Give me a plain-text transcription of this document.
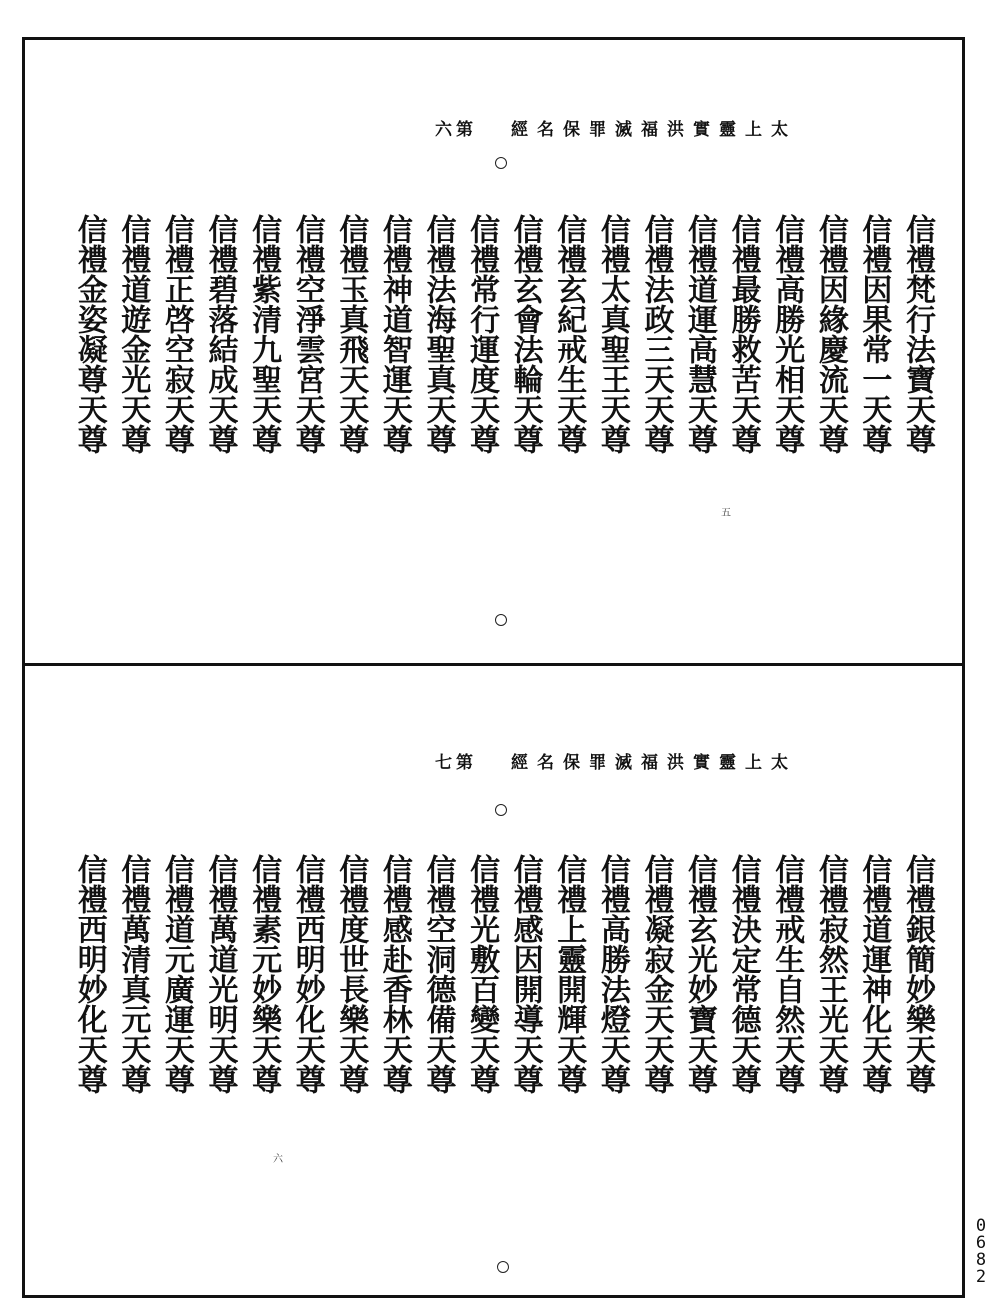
六第 經名保罪滅福洪實靈上太
信禮梵行法寶天尊
信禮因果常一天尊
信禮因緣慶流天尊
信禮高勝光相天尊
信禮最勝救苦天尊
信禮道運高慧天尊
信禮法政三天天尊
信禮太真聖王天尊
信禮玄紀戒生天尊
信禮玄會法輪天尊
信禮常行運度天尊
信禮法海聖真天尊
信禮神道智運天尊
信禮玉真飛天天尊
信禮空淨雲宮天尊
信禮紫清九聖天尊
信禮碧落結成天尊
信禮正啓空寂天尊
信禮道遊金光天尊
信禮金姿凝尊天尊
五
七第 經名保罪滅福洪實靈上太
信禮銀簡妙樂天尊
信禮道運神化天尊
信禮寂然王光天尊
信禮戒生自然天尊
信禮決定常德天尊
信禮玄光妙寶天尊
信禮凝寂金天天尊
信禮高勝法燈天尊
信禮上靈開輝天尊
信禮感因開導天尊
信禮光敷百變天尊
信禮空洞德備天尊
信禮感赴香林天尊
信禮度世長樂天尊
信禮西明妙化天尊
信禮素元妙樂天尊
信禮萬道光明天尊
信禮道元廣運天尊
信禮萬清真元天尊
信禮西明妙化天尊
六
0
6
8
2
